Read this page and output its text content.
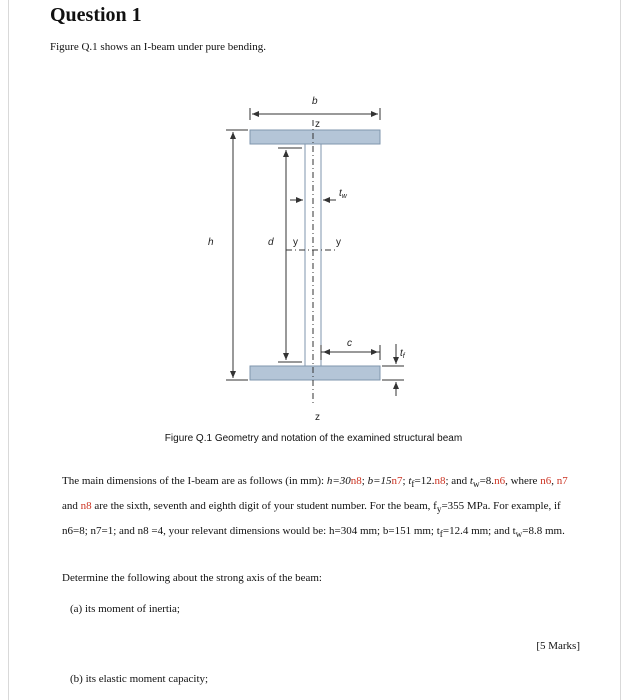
Question 1
Figure Q.1 shows an I-beam under pure bending.
b
z
z
$t_w$
h	d y	y
c
$t_f$
Figure Q.1 Geometry and notation of the examined structural beam
The main dimensions of the I-beam are as follows (in mm): h=30n8; b=15n7; $t_f=12.n8$; and $t_w=8.n6$, where n6, n7 and n8 are the sixth, seventh and eighth digit of your student number. For the beam, $f_y=355$ MPa. For example, if n6=8; n7=1; and n8 =4, your relevant dimensions would be: h=304 mm; b=151 mm; $t_f=12.4$ mm; and $t_w=8.8$ mm.
Determine the following about the strong axis of the beam:
(a) its moment of inertia;
[5 Marks]
(b) its elastic moment capacity;
